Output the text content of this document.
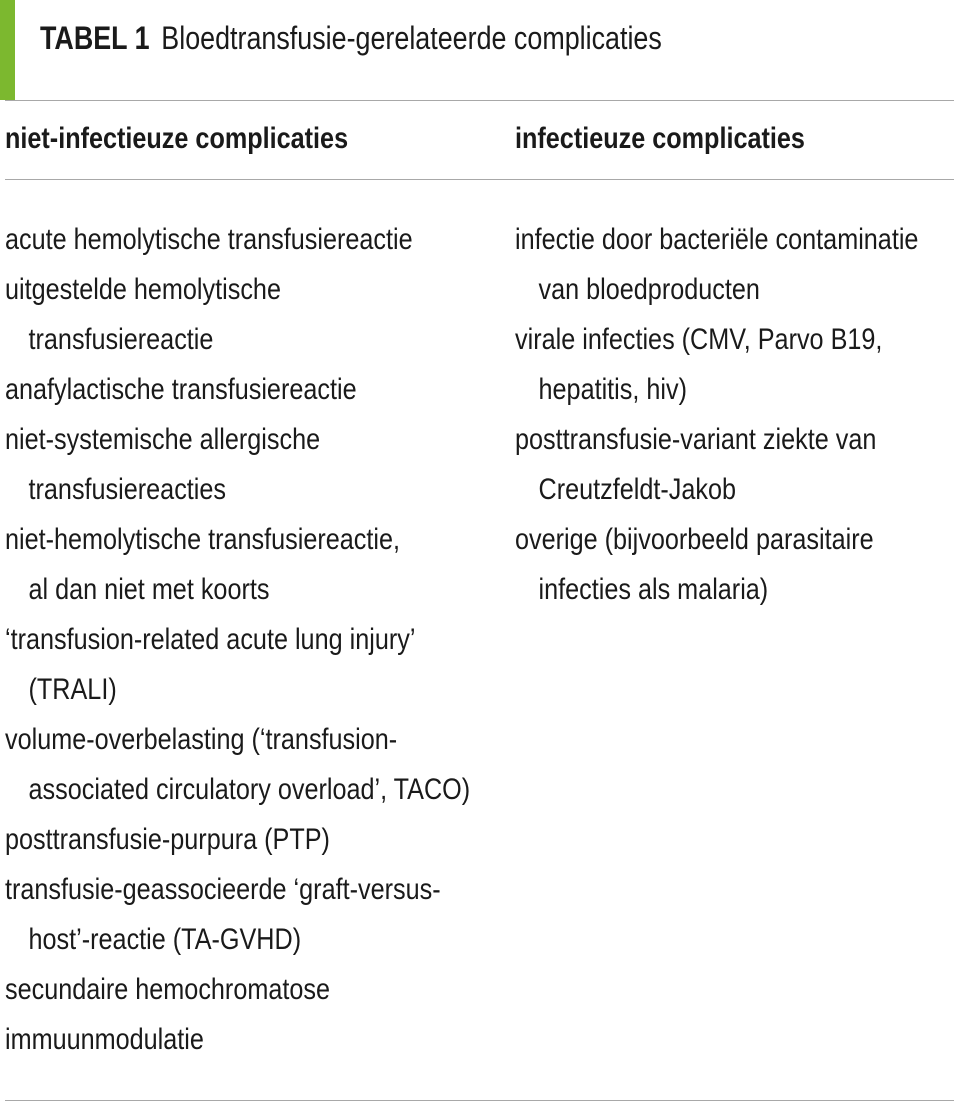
TABEL 1 Bloedtransfusie-gerelateerde complicaties
niet-infectieuze complicaties	infectieuze complicaties
acute hemolytische transfusiereactie
uitgestelde hemolytische
transfusiereactie
anafylactische transfusiereactie
niet-systemische allergische
transfusiereacties
niet-hemolytische transfusiereactie,
al dan niet met koorts
‘transfusion-related acute lung injury’
(TRALI)
volume-overbelasting (‘transfusion-
associated circulatory overload’, TACO)
posttransfusie-purpura (PTP)
transfusie-geassocieerde ‘graft-versus-
host’-reactie (TA-GVHD)
secundaire hemochromatose
immuunmodulatie
infectie door bacteriële contaminatie
van bloedproducten
virale infecties (CMV, Parvo B19,
hepatitis, hiv)
posttransfusie-variant ziekte van
Creutzfeldt-Jakob
overige (bijvoorbeeld parasitaire
infecties als malaria)
